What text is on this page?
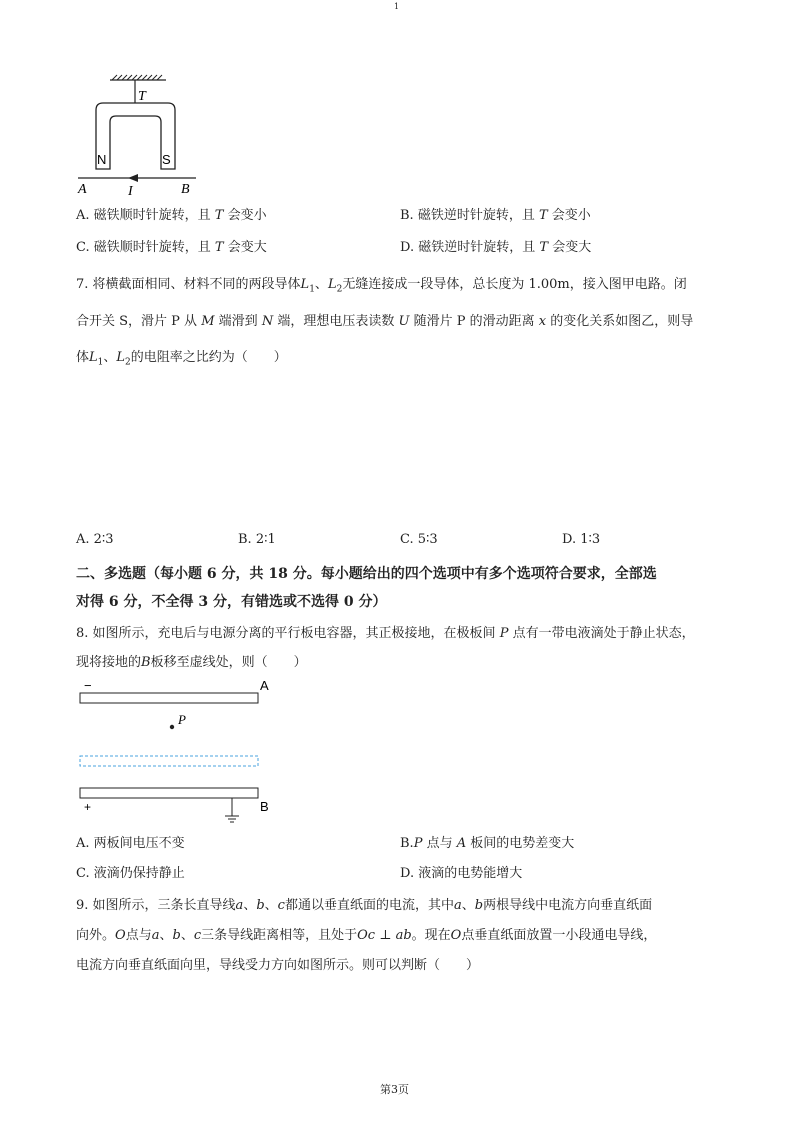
1
T
N	S
A	I	B
A. 磁铁顺时针旋转，且 T 会变小	B. 磁铁逆时针旋转，且 T 会变小
C. 磁铁顺时针旋转，且 T 会变大	D. 磁铁逆时针旋转，且 T 会变大
7. 将横截面相同、材料不同的两段导体$L_1$、$L_2$无缝连接成一段导体，总长度为 1.00m，接入图甲电路。闭
合开关 S，滑片 P 从 M 端滑到 N 端，理想电压表读数 U 随滑片 P 的滑动距离 x 的变化关系如图乙，则导
体$L_1$、$L_2$的电阻率之比约为（　　）
A. 2∶3	B. 2∶1	C. 5∶3	D. 1∶3
二、多选题（每小题 6 分，共 18 分。每小题给出的四个选项中有多个选项符合要求，全部选
对得 6 分，不全得 3 分，有错选或不选得 0 分）
8. 如图所示，充电后与电源分离的平行板电容器，其正极接地，在极板间 P 点有一带电液滴处于静止状态，
现将接地的B板移至虚线处，则（　　）
−	A
P
+	B
A. 两板间电压不变	B.P 点与 A 板间的电势差变大
C. 液滴仍保持静止	D. 液滴的电势能增大
9. 如图所示，三条长直导线a、b、c都通以垂直纸面的电流，其中a、b两根导线中电流方向垂直纸面
向外。O点与a、b、c三条导线距离相等，且处于Oc ⊥ ab。现在O点垂直纸面放置一小段通电导线，
电流方向垂直纸面向里，导线受力方向如图所示。则可以判断（　　）
第3页
